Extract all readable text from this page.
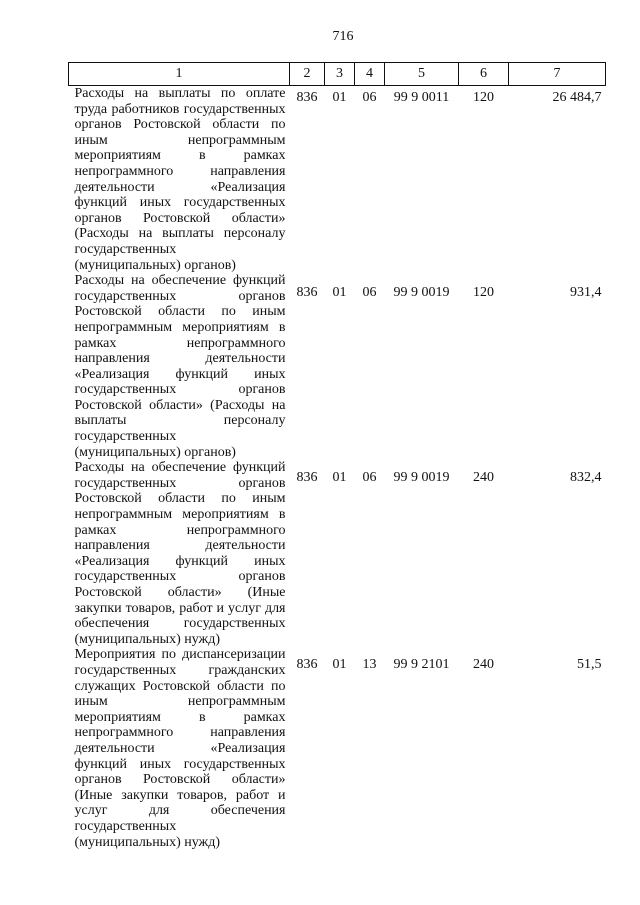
716
1	2	3	4	5	6	7
Расходы на выплаты по оплате труда работников государственных органов Ростовской области по иным непрограммным мероприятиям в рамках непрограммного направления деятельности «Реализация функций иных государственных органов Ростовской области» (Расходы на выплаты персоналу государственных (муниципальных) органов)	836	01	06	99 9 0011	120	26 484,7
Расходы на обеспечение функций государственных органов Ростовской области по иным непрограммным мероприятиям в рамках непрограммного направления деятельности «Реализация функций иных государственных органов Ростовской области» (Расходы на выплаты персоналу государственных (муниципальных) органов)	836	01	06	99 9 0019	120	931,4
Расходы на обеспечение функций государственных органов Ростовской области по иным непрограммным мероприятиям в рамках непрограммного направления деятельности «Реализация функций иных государственных органов Ростовской области» (Иные закупки товаров, работ и услуг для обеспечения государственных (муниципальных) нужд)	836	01	06	99 9 0019	240	832,4
Мероприятия по диспансеризации государственных гражданских служащих Ростовской области по иным непрограммным мероприятиям в рамках непрограммного направления деятельности «Реализация функций иных государственных органов Ростовской области» (Иные закупки товаров, работ и услуг для обеспечения государственных (муниципальных) нужд)	836	01	13	99 9 2101	240	51,5
